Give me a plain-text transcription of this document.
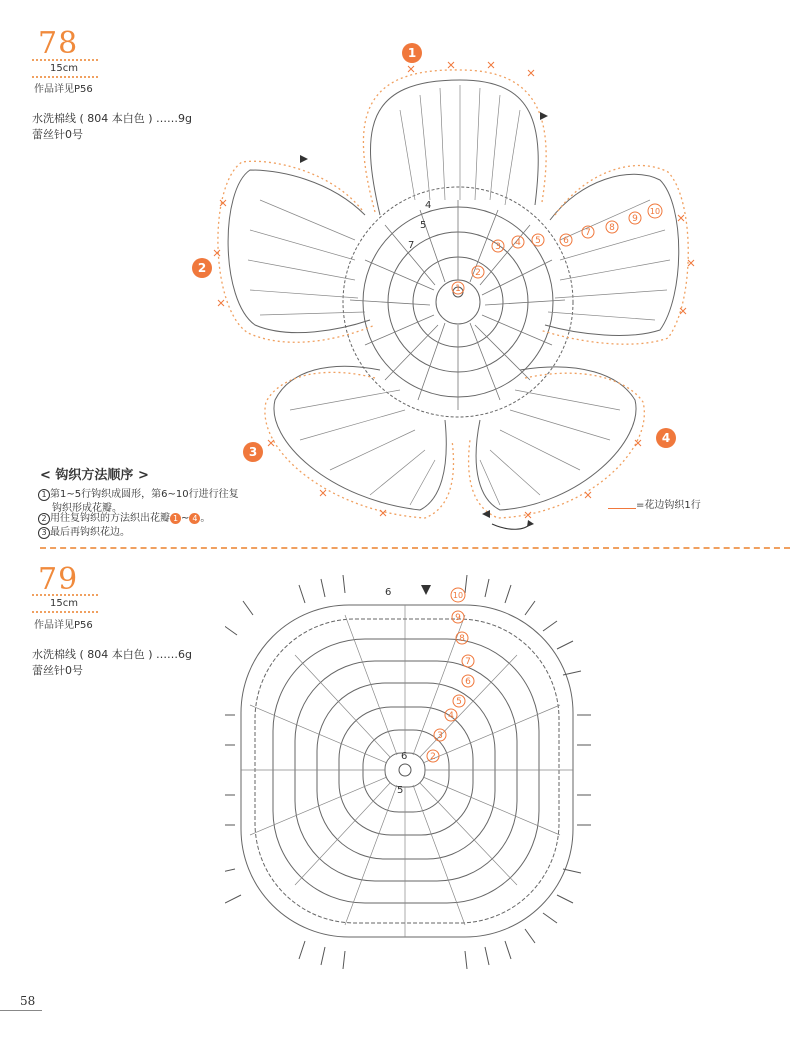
78
15cm
作品详见P56
水洗棉线 ( 804 本白色 ) ……9g
蕾丝针0号
4
5
7
1
2
3 4 5 6
7 8
9
10
1
2
3
4
< 钩织方法顺序 >
1 第1~5行钩织成圆形，第6~10行进行往复
钩织形成花瓣。
2 用往复钩织的方法织出花瓣 1 ~ 4 。
3 最后再钩织花边。
=花边钩织1行
79
15cm
作品详见P56
水洗棉线 ( 804 本白色 ) ……6g
蕾丝针0号
6
5
6	2
3
4
5
6
7
8
9
10
58
